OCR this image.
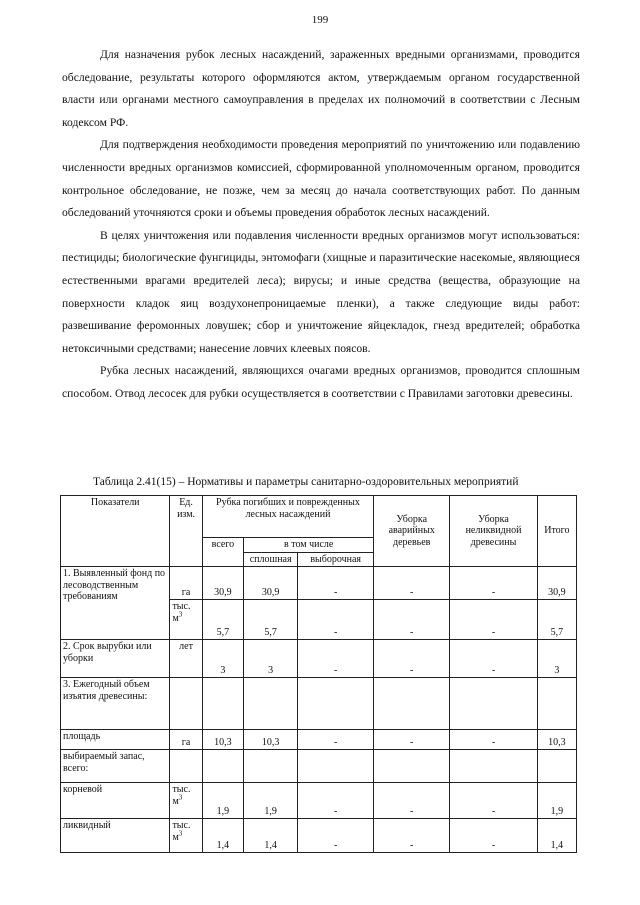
199

Для назначения рубок лесных насаждений, зараженных вредными организмами, проводится обследование, результаты которого оформляются актом, утверждаемым органом государственной власти или органами местного самоуправления в пределах их полномочий в соответствии с Лесным кодексом РФ.

Для подтверждения необходимости проведения мероприятий по уничтожению или подавлению численности вредных организмов комиссией, сформированной уполномоченным органом, проводится контрольное обследование, не позже, чем за месяц до начала соответствующих работ. По данным обследований уточняются сроки и объемы проведения обработок лесных насаждений.

В целях уничтожения или подавления численности вредных организмов могут использоваться: пестициды; биологические фунгициды, энтомофаги (хищные и паразитические насекомые, являющиеся естественными врагами вредителей леса); вирусы; и иные средства (вещества, образующие на поверхности кладок яиц воздухонепроницаемые пленки), а также следующие виды работ: развешивание феромонных ловушек; сбор и уничтожение яйцекладок, гнезд вредителей; обработка нетоксичными средствами; нанесение ловчих клеевых поясов.

Рубка лесных насаждений, являющихся очагами вредных организмов, проводится сплошным способом. Отвод лесосек для рубки осуществляется в соответствии с Правилами заготовки древесины.

Таблица 2.41(15) – Нормативы и параметры санитарно-оздоровительных мероприятий
Показатели	Ед. изм.	Рубка погибших и поврежденных лесных насаждений			Уборка аварийных деревьев	Уборка неликвидной древесины	Итого
		всего	в том числе				
			сплошная	выборочная			
1. Выявленный фонд по лесоводственным требованиям	га	30,9	30,9	-	-	-	30,9
	тыс. $м^3$	5,7	5,7	-	-	-	5,7
2. Срок вырубки или уборки	лет	3	3	-	-	-	3
3. Ежегодный объем изъятия древесины:							
площадь	га	10,3	10,3	-	-	-	10,3
выбираемый запас, всего:							
корневой	тыс. $м^3$	1,9	1,9	-	-	-	1,9
ликвидный	тыс. $м^3$	1,4	1,4	-	-	-	1,4
